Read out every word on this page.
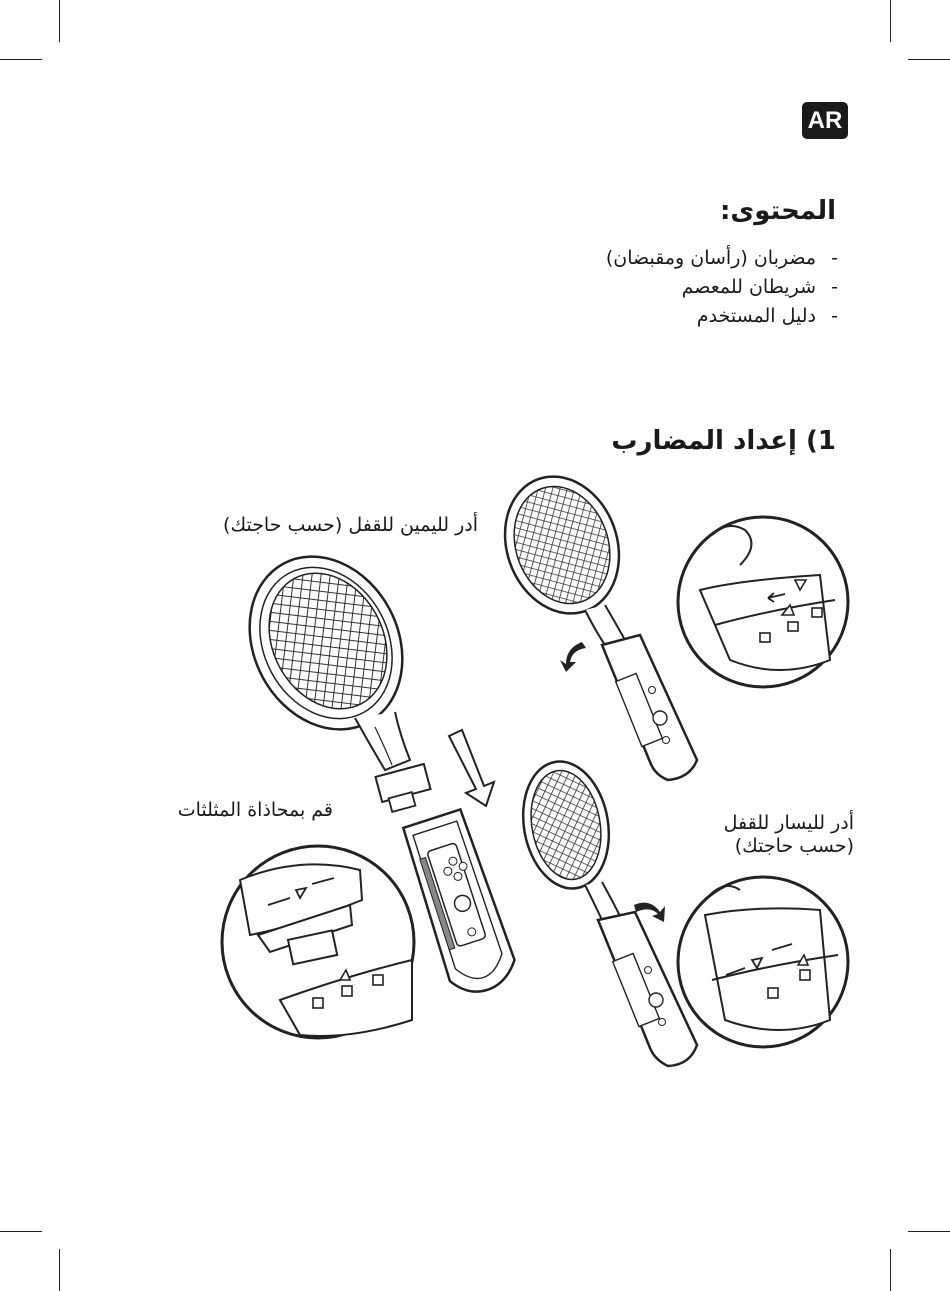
AR
المحتوى:
-مضربان (رأسان ومقبضان)
-شريطان للمعصم
-دليل المستخدم
1) إعداد المضارب
أدر لليمين للقفل (حسب حاجتك)
قم بمحاذاة المثلثات
أدر لليسار للقفل
(حسب حاجتك)
